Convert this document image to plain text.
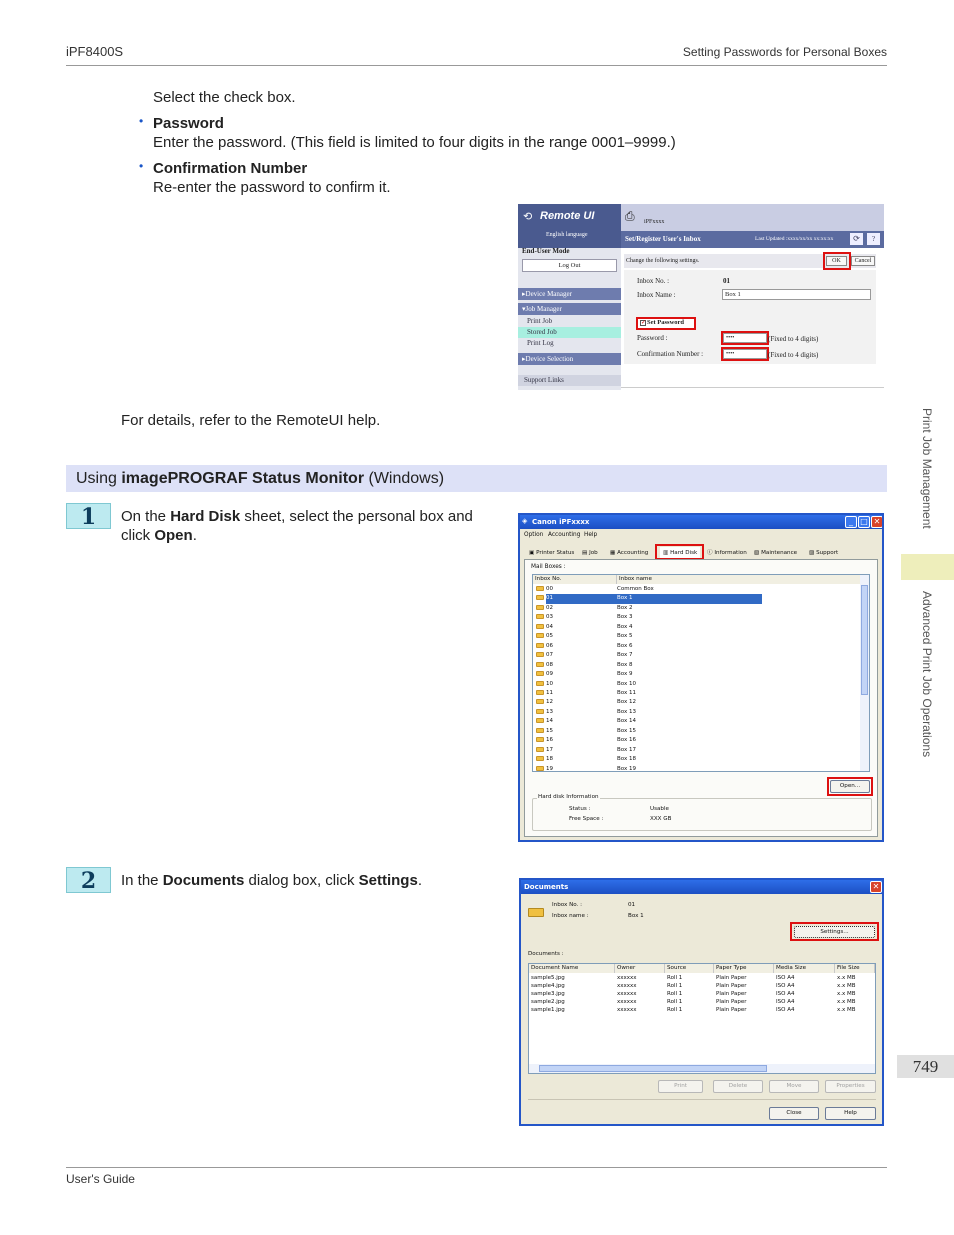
iPF8400S	Setting Passwords for Personal Boxes
Select the check box.
• Password
Enter the password. (This field is limited to four digits in the range 0001–9999.)
• Confirmation Number
Re-enter the password to confirm it.
⟲ Remote UI
English language
End-User Mode
Log Out
▸Device Manager
▾Job Manager
Print Job
Stored Job
Print Log
▸Device Selection
Support Links
⎙ iPFxxxx
Set/Register User's Inbox	Last Updated :xxxx/xx/xx xx:xx:xx	⟳	?
Change the following settings.	OK	Cancel
Inbox No. :	01
Inbox Name :	Box 1
Set Password
✓
Password :	••••	(Fixed to 4 digits)
Confirmation Number :	••••	(Fixed to 4 digits)
For details, refer to the RemoteUI help.
Using imagePROGRAF Status Monitor (Windows)
1	On the Hard Disk sheet, select the personal box and click Open.
Canon iPFxxxx
◈	_ □ ✕
Option Accounting Help
▣ Printer Status ▤ Job ▦ Accounting	▥ Hard Disk	ⓘ Information ▧ Maintenance ▨ Support
Mail Boxes :
Inbox No.	Inbox name
00	Common Box
01	Box 1
02	Box 2
03	Box 3
04	Box 4
05	Box 5
06	Box 6
07	Box 7
08	Box 8
09	Box 9
10	Box 10
11	Box 11
12	Box 12
13	Box 13
14	Box 14
15	Box 15
16	Box 16
17	Box 17
18	Box 18
19	Box 19
Open...
Hard disk Information
Status :	Usable
Free Space :	XXX GB
2	In the Documents dialog box, click Settings.	Documents	✕
Inbox No. :	01
Inbox name :	Box 1
Settings...
Documents :
Document Name	Owner	Source	Paper Type	Media Size	File Size
sample5.jpg	xxxxxx	Roll 1	Plain Paper	ISO A4	x.x MB
sample4.jpg	xxxxxx	Roll 1	Plain Paper	ISO A4	x.x MB
sample3.jpg	xxxxxx	Roll 1	Plain Paper	ISO A4	x.x MB
sample2.jpg	xxxxxx	Roll 1	Plain Paper	ISO A4	x.x MB
sample1.jpg	xxxxxx	Roll 1	Plain Paper	ISO A4	x.x MB
Print	Delete	Move	Properties
Close	Help
Print Job Management
Advanced Print Job Operations
749
User's Guide
